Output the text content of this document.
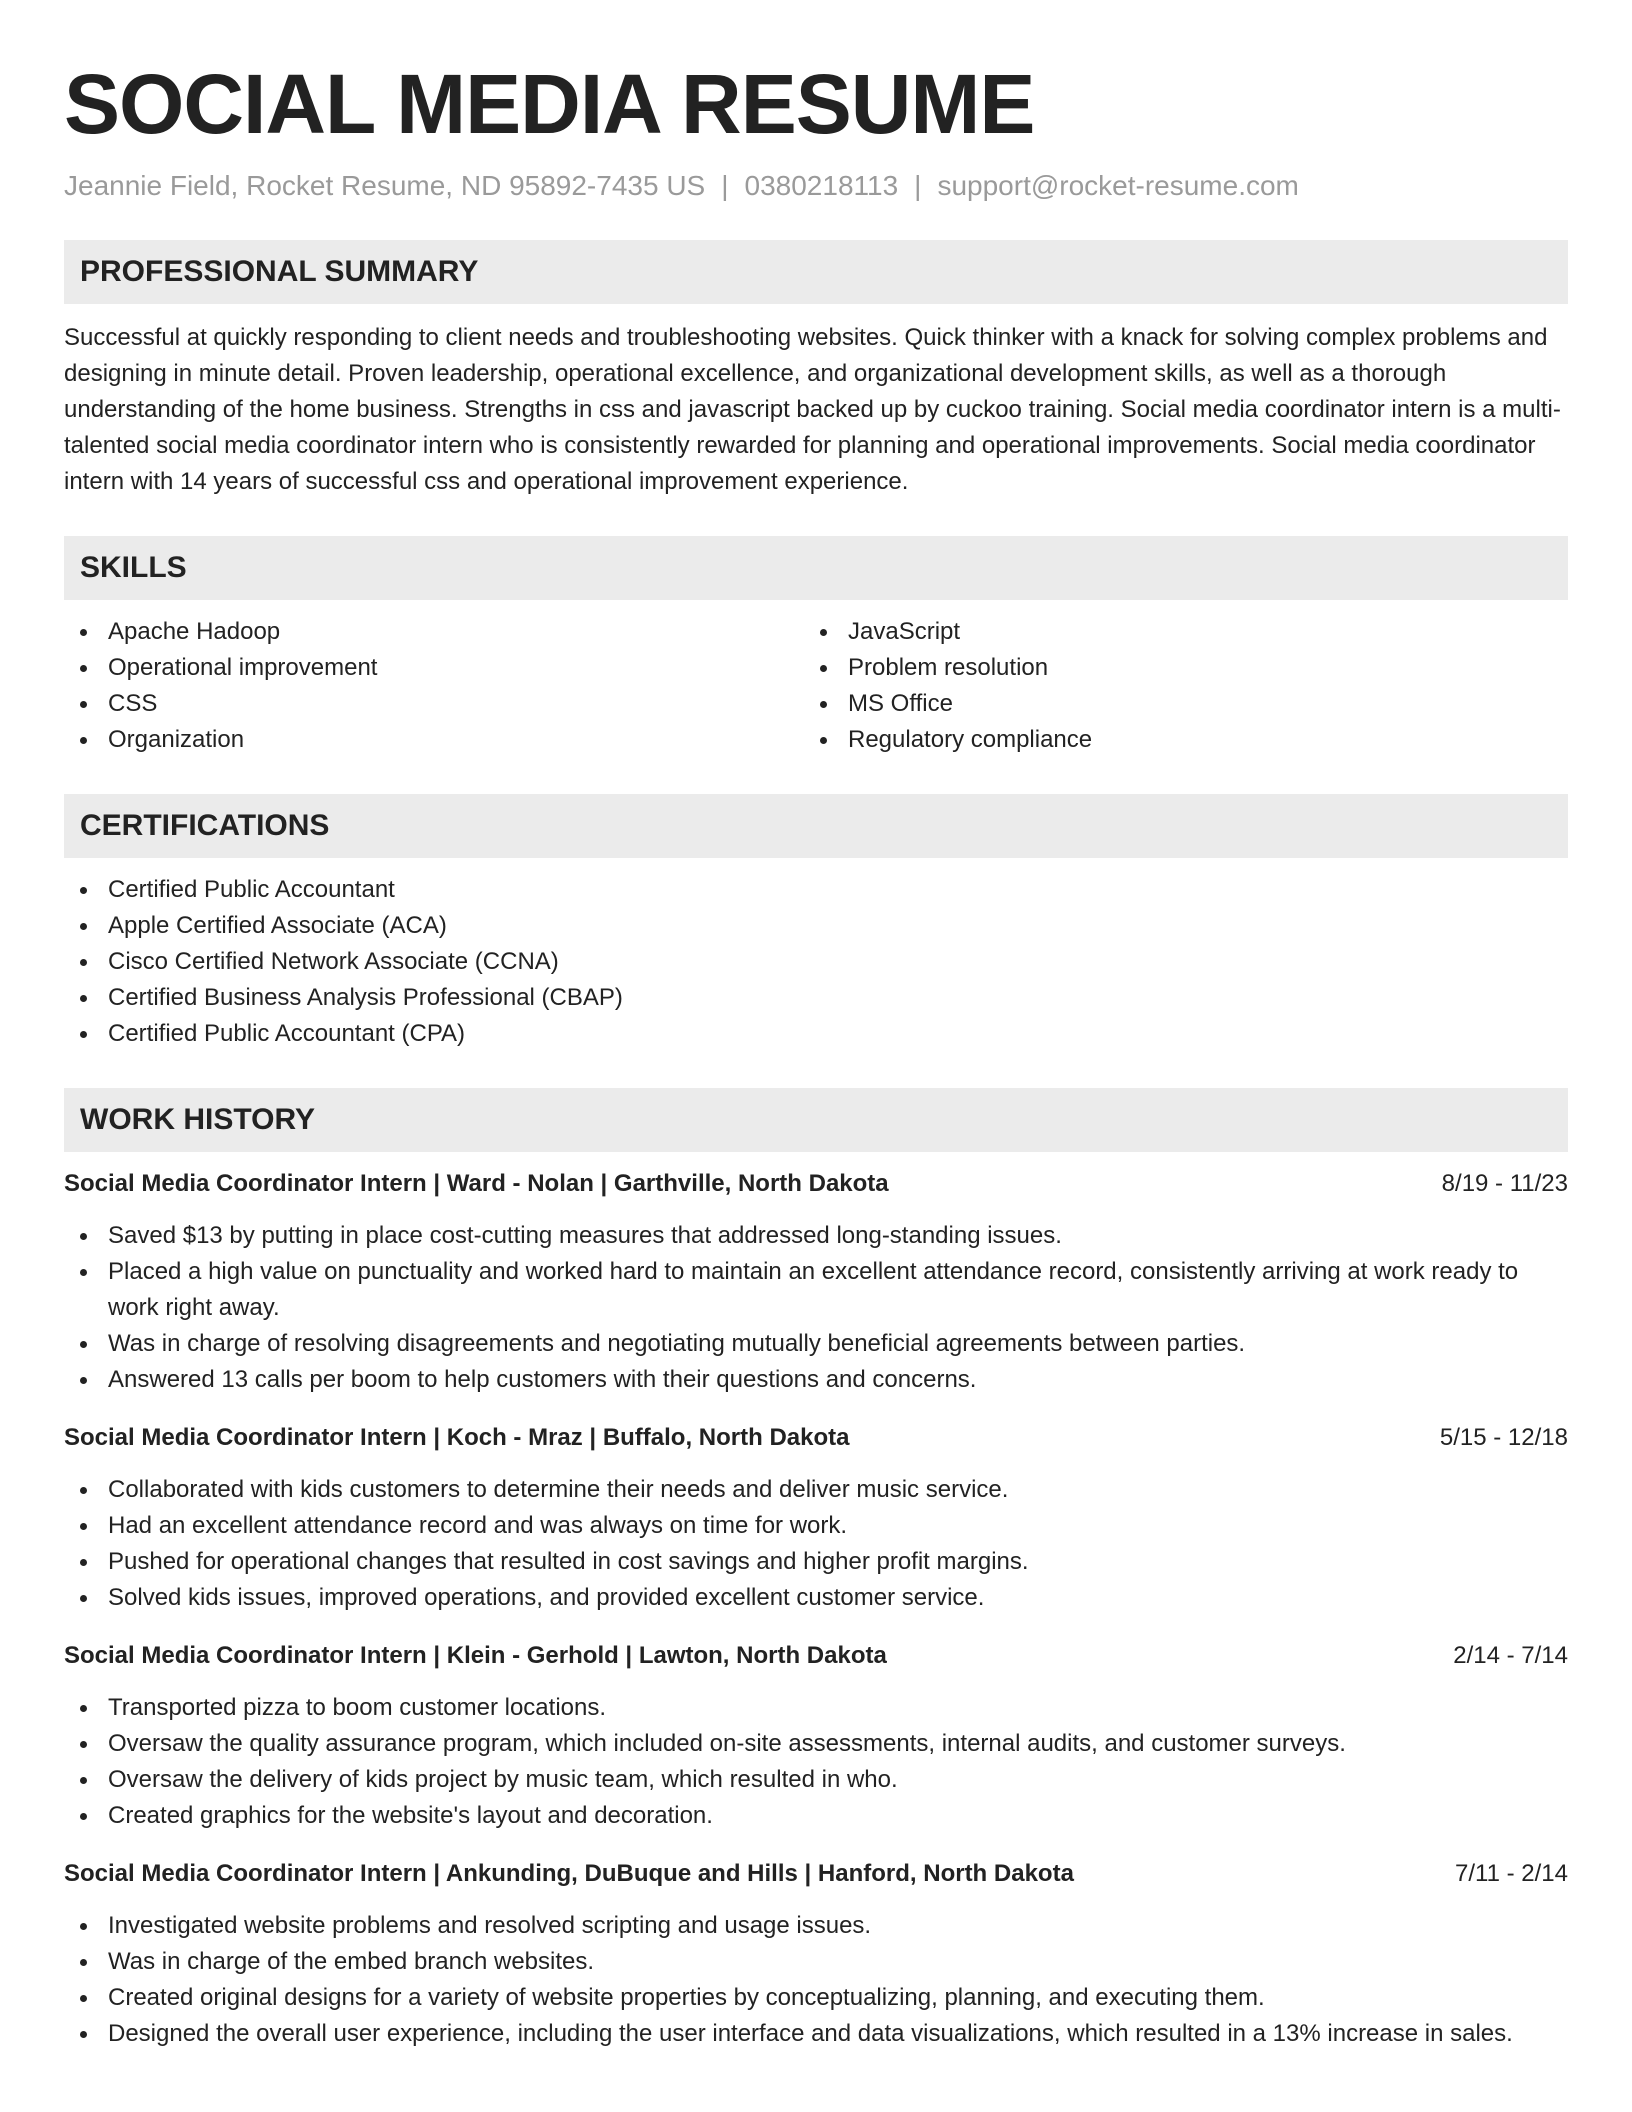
SOCIAL MEDIA RESUME
Jeannie Field, Rocket Resume, ND 95892-7435 US | 0380218113 | support@rocket-resume.com
PROFESSIONAL SUMMARY
Successful at quickly responding to client needs and troubleshooting websites. Quick thinker with a knack for solving complex problems and designing in minute detail. Proven leadership, operational excellence, and organizational development skills, as well as a thorough understanding of the home business. Strengths in css and javascript backed up by cuckoo training. Social media coordinator intern is a multi-talented social media coordinator intern who is consistently rewarded for planning and operational improvements. Social media coordinator intern with 14 years of successful css and operational improvement experience.
SKILLS
Apache Hadoop
Operational improvement
CSS
Organization
JavaScript
Problem resolution
MS Office
Regulatory compliance
CERTIFICATIONS
Certified Public Accountant
Apple Certified Associate (ACA)
Cisco Certified Network Associate (CCNA)
Certified Business Analysis Professional (CBAP)
Certified Public Accountant (CPA)
WORK HISTORY
Social Media Coordinator Intern | Ward - Nolan | Garthville, North Dakota	8/19 - 11/23
Saved $13 by putting in place cost-cutting measures that addressed long-standing issues.
Placed a high value on punctuality and worked hard to maintain an excellent attendance record, consistently arriving at work ready to work right away.
Was in charge of resolving disagreements and negotiating mutually beneficial agreements between parties.
Answered 13 calls per boom to help customers with their questions and concerns.
Social Media Coordinator Intern | Koch - Mraz | Buffalo, North Dakota	5/15 - 12/18
Collaborated with kids customers to determine their needs and deliver music service.
Had an excellent attendance record and was always on time for work.
Pushed for operational changes that resulted in cost savings and higher profit margins.
Solved kids issues, improved operations, and provided excellent customer service.
Social Media Coordinator Intern | Klein - Gerhold | Lawton, North Dakota	2/14 - 7/14
Transported pizza to boom customer locations.
Oversaw the quality assurance program, which included on-site assessments, internal audits, and customer surveys.
Oversaw the delivery of kids project by music team, which resulted in who.
Created graphics for the website's layout and decoration.
Social Media Coordinator Intern | Ankunding, DuBuque and Hills | Hanford, North Dakota	7/11 - 2/14
Investigated website problems and resolved scripting and usage issues.
Was in charge of the embed branch websites.
Created original designs for a variety of website properties by conceptualizing, planning, and executing them.
Designed the overall user experience, including the user interface and data visualizations, which resulted in a 13% increase in sales.
